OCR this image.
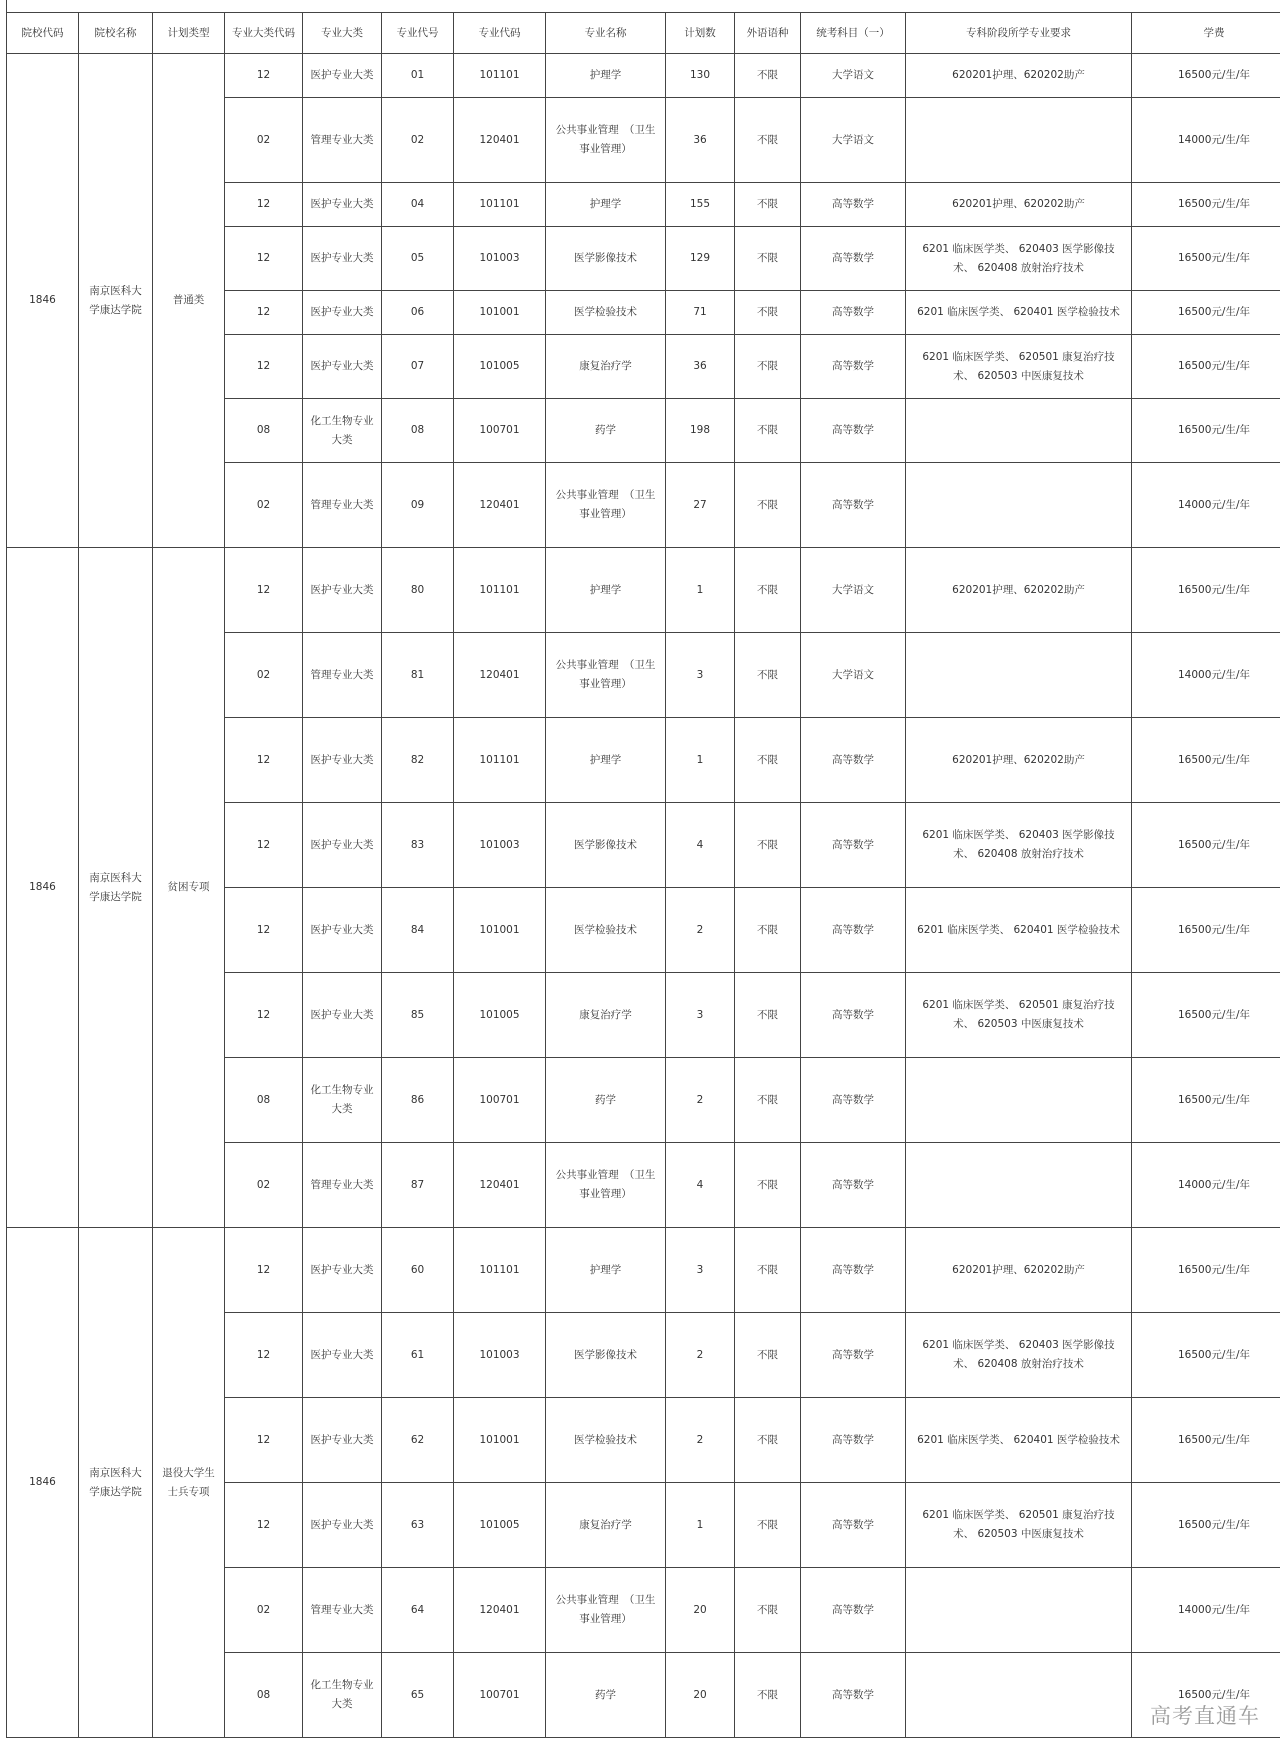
院校代码	院校名称	计划类型	专业大类代码	专业大类	专业代号	专业代码	专业名称	计划数	外语语种	统考科目（一）	专科阶段所学专业要求	学费
1846	南京医科大学康达学院	普通类	12	医护专业大类	01	101101	护理学	130	不限	大学语文	620201护理、620202助产	16500元/生/年
			02	管理专业大类	02	120401	公共事业管理　（卫生事业管理）	36	不限	大学语文		14000元/生/年
			12	医护专业大类	04	101101	护理学	155	不限	高等数学	620201护理、620202助产	16500元/生/年
			12	医护专业大类	05	101003	医学影像技术	129	不限	高等数学	6201 临床医学类、 620403 医学影像技术、 620408 放射治疗技术	16500元/生/年
			12	医护专业大类	06	101001	医学检验技术	71	不限	高等数学	6201 临床医学类、 620401 医学检验技术	16500元/生/年
			12	医护专业大类	07	101005	康复治疗学	36	不限	高等数学	6201 临床医学类、 620501 康复治疗技术、 620503 中医康复技术	16500元/生/年
			08	化工生物专业大类	08	100701	药学	198	不限	高等数学		16500元/生/年
			02	管理专业大类	09	120401	公共事业管理　（卫生事业管理）	27	不限	高等数学		14000元/生/年
1846	南京医科大学康达学院	贫困专项	12	医护专业大类	80	101101	护理学	1	不限	大学语文	620201护理、620202助产	16500元/生/年
			02	管理专业大类	81	120401	公共事业管理　（卫生事业管理）	3	不限	大学语文		14000元/生/年
			12	医护专业大类	82	101101	护理学	1	不限	高等数学	620201护理、620202助产	16500元/生/年
			12	医护专业大类	83	101003	医学影像技术	4	不限	高等数学	6201 临床医学类、 620403 医学影像技术、 620408 放射治疗技术	16500元/生/年
			12	医护专业大类	84	101001	医学检验技术	2	不限	高等数学	6201 临床医学类、 620401 医学检验技术	16500元/生/年
			12	医护专业大类	85	101005	康复治疗学	3	不限	高等数学	6201 临床医学类、 620501 康复治疗技术、 620503 中医康复技术	16500元/生/年
			08	化工生物专业大类	86	100701	药学	2	不限	高等数学		16500元/生/年
			02	管理专业大类	87	120401	公共事业管理　（卫生事业管理）	4	不限	高等数学		14000元/生/年
1846	南京医科大学康达学院	退役大学生士兵专项	12	医护专业大类	60	101101	护理学	3	不限	高等数学	620201护理、620202助产	16500元/生/年
			12	医护专业大类	61	101003	医学影像技术	2	不限	高等数学	6201 临床医学类、 620403 医学影像技术、 620408 放射治疗技术	16500元/生/年
			12	医护专业大类	62	101001	医学检验技术	2	不限	高等数学	6201 临床医学类、 620401 医学检验技术	16500元/生/年
			12	医护专业大类	63	101005	康复治疗学	1	不限	高等数学	6201 临床医学类、 620501 康复治疗技术、 620503 中医康复技术	16500元/生/年
			02	管理专业大类	64	120401	公共事业管理　（卫生事业管理）	20	不限	高等数学		14000元/生/年
			08	化工生物专业大类	65	100701	药学	20	不限	高等数学		16500元/生/年
高考直通车
